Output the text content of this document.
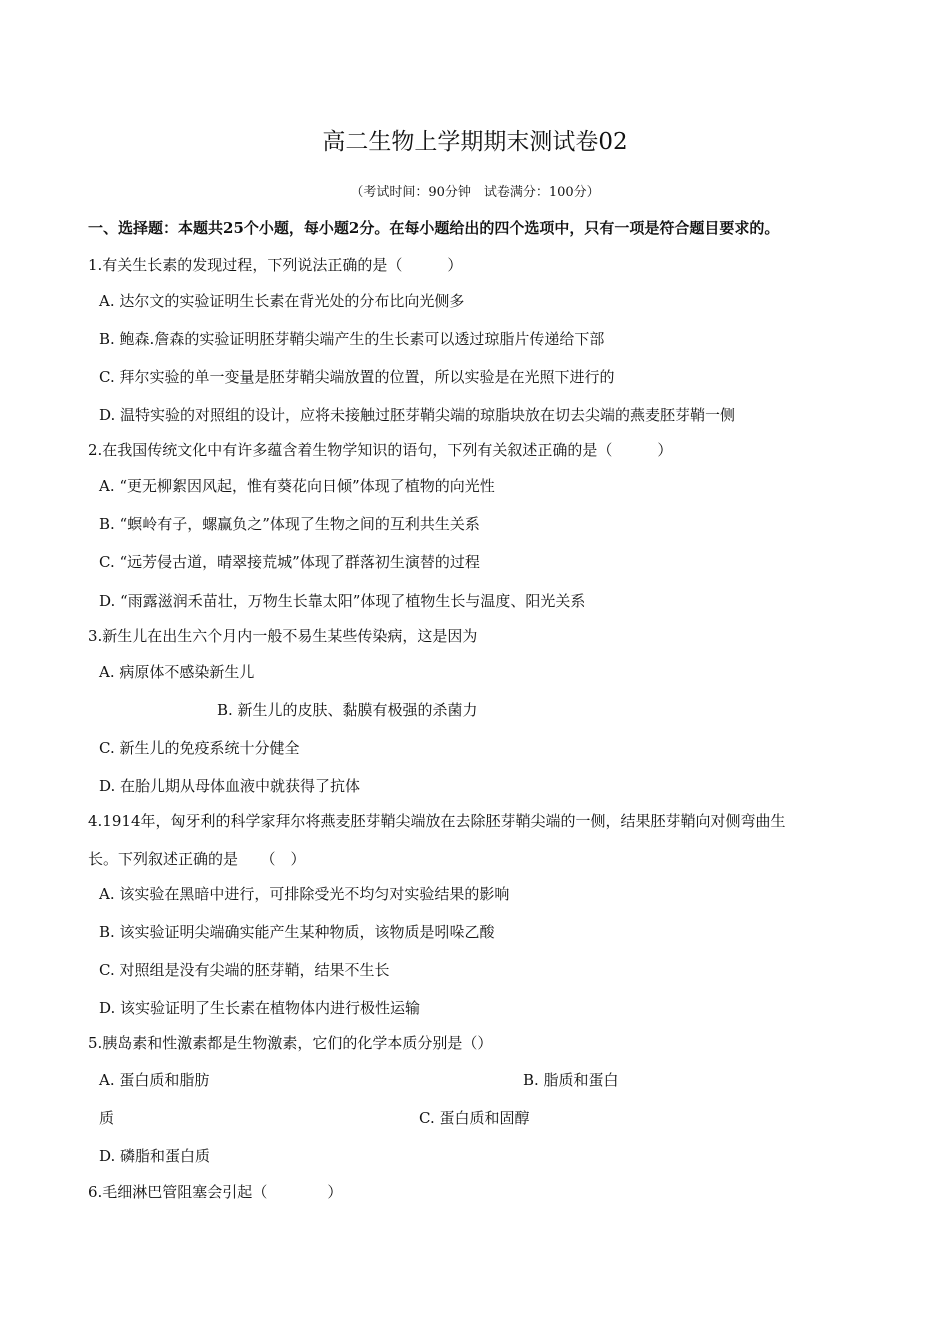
高二生物上学期期末测试卷02
（考试时间：90分钟　试卷满分：100分）
一、选择题：本题共25个小题，每小题2分。在每小题给出的四个选项中，只有一项是符合题目要求的。
1.有关生长素的发现过程，下列说法正确的是（　　　）
A. 达尔文的实验证明生长素在背光处的分布比向光侧多
B. 鲍森.詹森的实验证明胚芽鞘尖端产生的生长素可以透过琼脂片传递给下部
C. 拜尔实验的单一变量是胚芽鞘尖端放置的位置，所以实验是在光照下进行的
D. 温特实验的对照组的设计，应将未接触过胚芽鞘尖端的琼脂块放在切去尖端的燕麦胚芽鞘一侧
2.在我国传统文化中有许多蕴含着生物学知识的语句，下列有关叙述正确的是（　　　）
A. “更无柳絮因风起，惟有葵花向日倾”体现了植物的向光性
B. “螟岭有子，螺赢负之”体现了生物之间的互利共生关系
C. “远芳侵古道，晴翠接荒城”体现了群落初生演替的过程
D. “雨露滋润禾苗壮，万物生长靠太阳”体现了植物生长与温度、阳光关系
3.新生儿在出生六个月内一般不易生某些传染病，这是因为
A. 病原体不感染新生儿
B. 新生儿的皮肤、黏膜有极强的杀菌力
C. 新生儿的免疫系统十分健全
D. 在胎儿期从母体血液中就获得了抗体
4.1914年，匈牙利的科学家拜尔将燕麦胚芽鞘尖端放在去除胚芽鞘尖端的一侧，结果胚芽鞘向对侧弯曲生
长。下列叙述正确的是　　（　）
A. 该实验在黑暗中进行，可排除受光不均匀对实验结果的影响
B. 该实验证明尖端确实能产生某种物质，该物质是吲哚乙酸
C. 对照组是没有尖端的胚芽鞘，结果不生长
D. 该实验证明了生长素在植物体内进行极性运输
5.胰岛素和性激素都是生物激素，它们的化学本质分别是（）
A. 蛋白质和脂肪	B. 脂质和蛋白
质	C. 蛋白质和固醇
D. 磷脂和蛋白质
6.毛细淋巴管阻塞会引起（　　　　）
